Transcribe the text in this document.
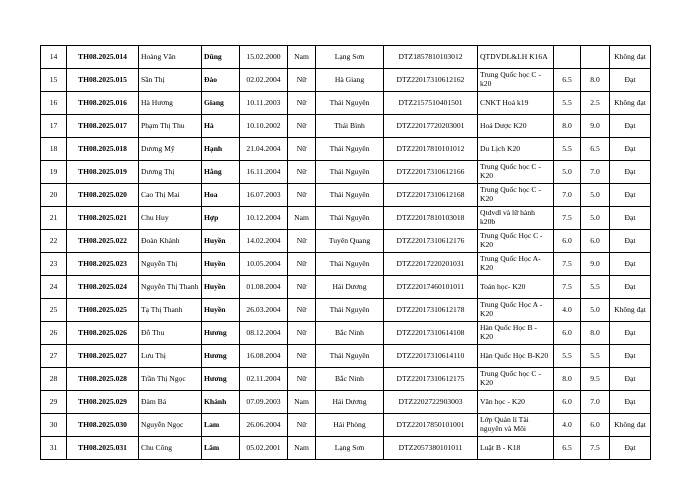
14	TH08.2025.014	Hoàng Văn	Dũng	15.02.2000	Nam	Lạng Sơn	DTZ1857810103012	QTDVDL&LH K16A			Không đạt
15	TH08.2025.015	Sần Thị	Đào	02.02.2004	Nữ	Hà Giang	DTZ22017310612162	Trung Quốc học C - k20	6.5	8.0	Đạt
16	TH08.2025.016	Hà Hương	Giang	10.11.2003	Nữ	Thái Nguyên	DTZ2157510401501	CNKT Hoá k19	5.5	2.5	Không đạt
17	TH08.2025.017	Phạm Thị Thu	Hà	10.10.2002	Nữ	Thái Bình	DTZ22017720203001	Hoá Dược K20	8.0	9.0	Đạt
18	TH08.2025.018	Dương Mỹ	Hạnh	21.04.2004	Nữ	Thái Nguyên	DTZ22017810101012	Du Lịch K20	5.5	6.5	Đạt
19	TH08.2025.019	Dương Thị	Hằng	16.11.2004	Nữ	Thái Nguyên	DTZ22017310612166	Trung Quốc học C - K20	5.0	7.0	Đạt
20	TH08.2025.020	Cao Thị Mai	Hoa	16.07.2003	Nữ	Thái Nguyên	DTZ22017310612168	Trung Quốc học C - K20	7.0	5.0	Đạt
21	TH08.2025.021	Chu Huy	Hợp	10.12.2004	Nam	Thái Nguyên	DTZ22017810103018	Qtdvdl và lữ hành k20b	7.5	5.0	Đạt
22	TH08.2025.022	Đoàn Khánh	Huyền	14.02.2004	Nữ	Tuyên Quang	DTZ22017310612176	Trung Quốc Học C - K20	6.0	6.0	Đạt
23	TH08.2025.023	Nguyễn Thị	Huyền	10.05.2004	Nữ	Thái Nguyên	DTZ22017220201031	Trung Quốc Học A- K20	7.5	9.0	Đạt
24	TH08.2025.024	Nguyễn Thị Thanh	Huyền	01.08.2004	Nữ	Hải Dương	DTZ22017460101011	Toán học- K20	7.5	5.5	Đạt
25	TH08.2025.025	Tạ Thị Thanh	Huyền	26.03.2004	Nữ	Thái Nguyên	DTZ22017310612178	Trung Quốc Học A - K20	4.0	5.0	Không đạt
26	TH08.2025.026	Đỗ Thu	Hương	08.12.2004	Nữ	Bắc Ninh	DTZ22017310614108	Hàn Quốc Học B - K20	6.0	8.0	Đạt
27	TH08.2025.027	Lưu Thị	Hương	16.08.2004	Nữ	Thái Nguyên	DTZ22017310614110	Hàn Quốc Học B-K20	5.5	5.5	Đạt
28	TH08.2025.028	Trần Thị Ngọc	Hương	02.11.2004	Nữ	Bắc Ninh	DTZ22017310612175	Trung Quốc học C - K20	8.0	9.5	Đạt
29	TH08.2025.029	Đàm Bá	Khánh	07.09.2003	Nam	Hải Dương	DTZ2202722903003	Văn học - K20	6.0	7.0	Đạt
30	TH08.2025.030	Nguyễn Ngọc	Lam	26.06.2004	Nữ	Hải Phòng	DTZ22017850101001	Lớp Quản lí Tài nguyên và Môi	4.0	6.0	Không đạt
31	TH08.2025.031	Chu Công	Lâm	05.02.2001	Nam	Lạng Sơn	DTZ2057380101011	Luật B - K18	6.5	7.5	Đạt
